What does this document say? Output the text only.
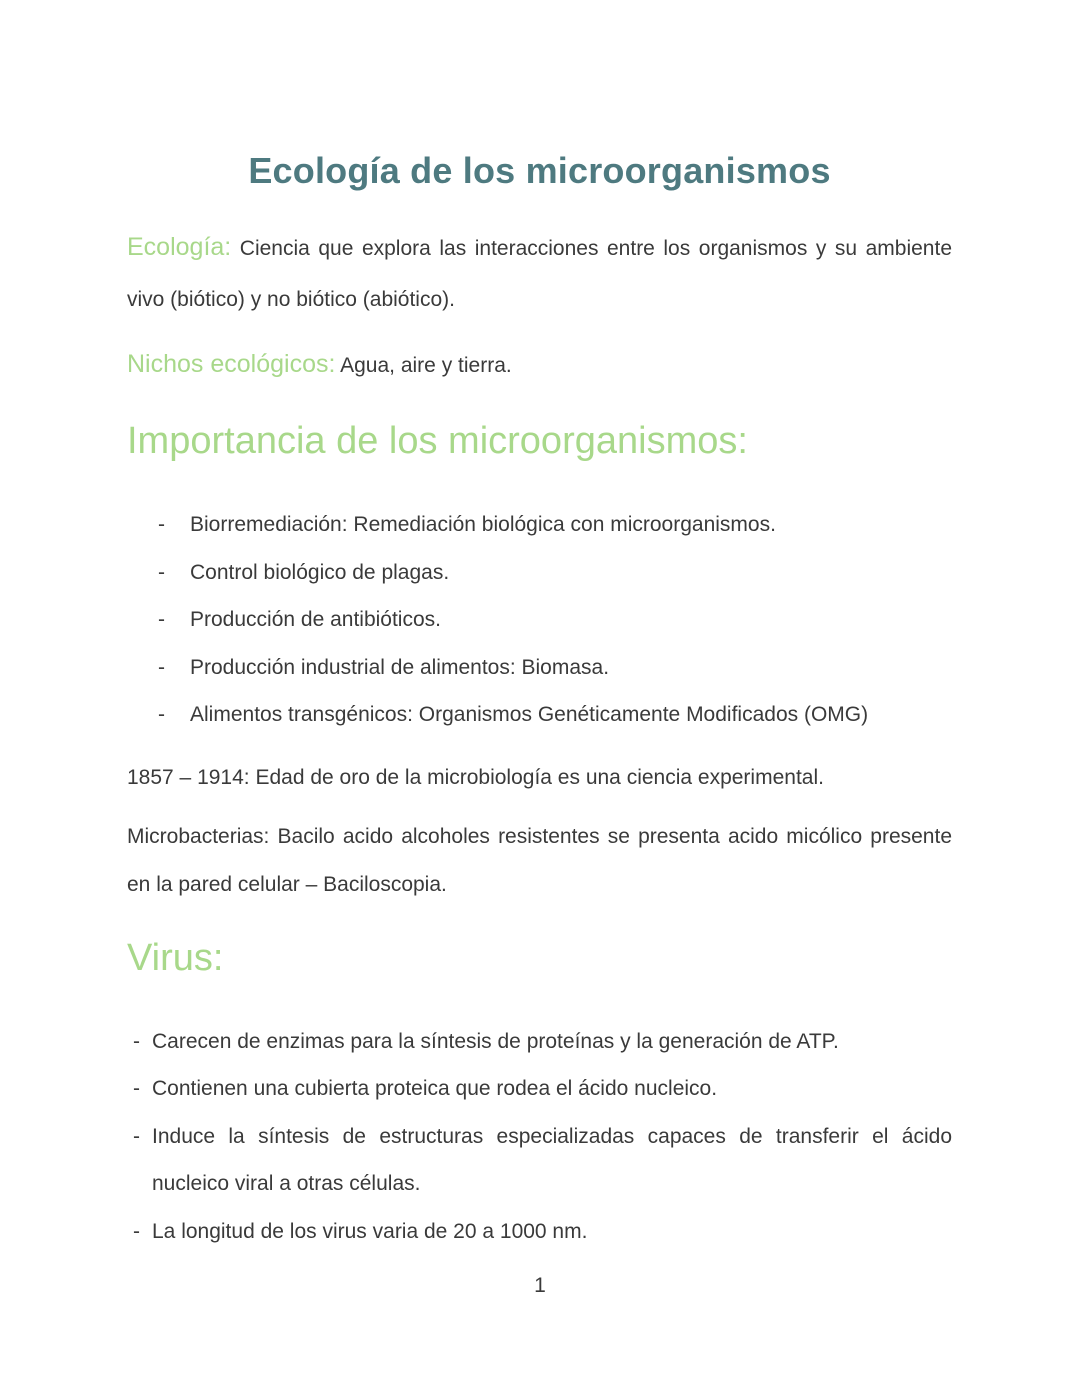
Ecología de los microorganismos
Ecología: Ciencia que explora las interacciones entre los organismos y su ambiente vivo (biótico) y no biótico (abiótico).
Nichos ecológicos: Agua, aire y tierra.
Importancia de los microorganismos:
- Biorremediación: Remediación biológica con microorganismos.
- Control biológico de plagas.
- Producción de antibióticos.
- Producción industrial de alimentos: Biomasa.
- Alimentos transgénicos: Organismos Genéticamente Modificados (OMG)
1857 – 1914: Edad de oro de la microbiología es una ciencia experimental.
Microbacterias: Bacilo acido alcoholes resistentes se presenta acido micólico presente en la pared celular – Baciloscopia.
Virus:
- Carecen de enzimas para la síntesis de proteínas y la generación de ATP.
- Contienen una cubierta proteica que rodea el ácido nucleico.
- Induce la síntesis de estructuras especializadas capaces de transferir el ácido nucleico viral a otras células.
- La longitud de los virus varia de 20 a 1000 nm.
1
